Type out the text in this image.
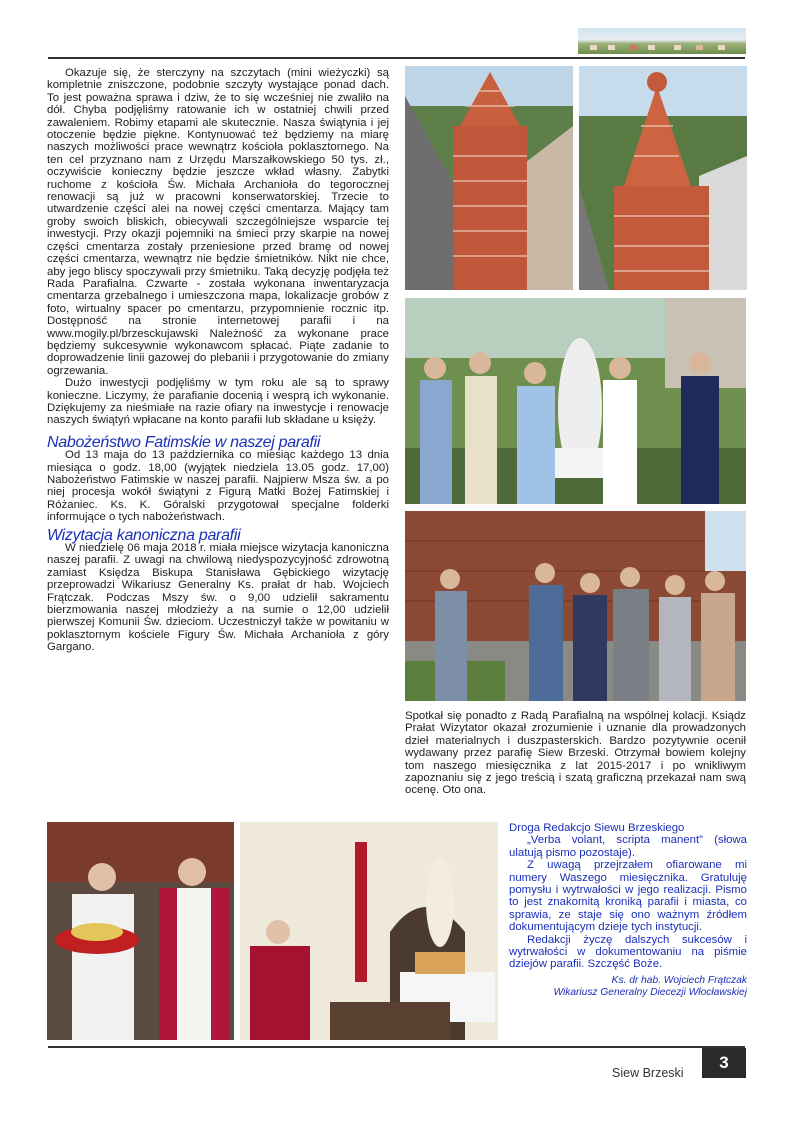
Okazuje się, że sterczyny na szczytach (mini wieżyczki) są kompletnie zniszczone, podobnie szczyty wystające ponad dach. To jest poważna sprawa i dziw, że to się wcześniej nie zwaliło na dół. Chyba podjęliśmy ratowanie ich w ostatniej chwili przed zawaleniem. Robimy etapami ale skutecznie. Nasza świątynia i jej otoczenie będzie piękne. Kontynuować też będziemy na miarę naszych możliwości prace wewnątrz kościoła poklasztornego. Na ten cel przyznano nam z Urzędu Marszałkowskiego 50 tys. zł., oczywiście konieczny będzie jeszcze wkład własny. Zabytki ruchome z kościoła Św. Michała Archanioła do tegorocznej renowacji są już w pracowni konserwatorskiej. Trzecie to utwardzenie części alei na nowej części cmentarza. Mający tam groby swoich bliskich, obiecywali szczególniejsze wsparcie tej inwestycji. Przy okazji pojemniki na śmieci przy skarpie na nowej części cmentarza zostały przeniesione przed bramę od nowej części cmentarza, wewnątrz nie będzie śmietników. Nikt nie chce, aby jego bliscy spoczywali przy śmietniku. Taką decyzję podjęła też Rada Parafialna. Czwarte - została wykonana inwentaryzacja cmentarza grzebalnego i umieszczona mapa, lokalizacje grobów z foto, wirtualny spacer po cmentarzu, przypomnienie rocznic itp. Dostępność na stronie internetowej parafii i na www.mogily.pl/brzesckujawski Należność za wykonane prace będziemy sukcesywnie wykonawcom spłacać. Piąte zadanie to doprowadzenie linii gazowej do plebanii i przygotowanie do zmiany ogrzewania.

Dużo inwestycji podjęliśmy w tym roku ale są to sprawy konieczne. Liczymy, że parafianie docenią i wesprą ich wykonanie. Dziękujemy za nieśmiałe na razie ofiary na inwestycje i renowacje naszych świątyń wpłacane na konto parafii lub składane u księży.

Nabożeństwo Fatimskie w naszej parafii

Od 13 maja do 13 października co miesiąc każdego 13 dnia miesiąca o godz. 18,00 (wyjątek niedziela 13.05 godz. 17,00) Nabożeństwo Fatimskie w naszej parafii. Najpierw Msza św. a po niej procesja wokół świątyni z Figurą Matki Bożej Fatimskiej i Różaniec. Ks. K. Góralski przygotował specjalne folderki informujące o tych nabożeństwach.

Wizytacja kanoniczna parafii

W niedzielę 06 maja 2018 r. miała miejsce wizytacja kanoniczna naszej parafii. Z uwagi na chwilową niedyspozycyjność zdrowotną zamiast Księdza Biskupa Stanisława Gębickiego wizytację przeprowadzi Wikariusz Generalny Ks. prałat dr hab. Wojciech Frątczak. Podczas Mszy św. o 9,00 udzielił sakramentu bierzmowania naszej młodzieży a na sumie o 12,00 udzielił pierwszej Komunii Św. dzieciom. Uczestniczył także w powitaniu w poklasztornym kościele Figury Św. Michała Archanioła z góry Gargano.

Spotkał się ponadto z Radą Parafialną na wspólnej kolacji. Ksiądz Prałat Wizytator okazał zrozumienie i uznanie dla prowadzonych dzieł materialnych i duszpasterskich. Bardzo pozytywnie ocenił wydawany przez parafię Siew Brzeski. Otrzymał bowiem kolejny tom naszego miesięcznika z lat 2015-2017 i po wnikliwym zapoznaniu się z jego treścią i szatą graficzną przekazał nam swą ocenę. Oto ona.

Droga Redakcjo Siewu Brzeskiego

„Verba volant, scripta manent” (słowa ulatują pismo pozostaje).

Z uwagą przejrzałem ofiarowane mi numery Waszego miesięcznika. Gratuluję pomysłu i wytrwałości w jego realizacji. Pismo to jest znakomitą kroniką parafii i miasta, co sprawia, ze staje się ono ważnym źródłem dokumentującym dzieje tych instytucji.

Redakcji życzę dalszych sukcesów i wytrwałości w dokumentowaniu na piśmie dziejów parafii. Szczęść Boże.

Ks. dr hab. Wojciech Frątczak

Wikariusz Generalny Diecezji Włocławskiej

Siew Brzeski
3
